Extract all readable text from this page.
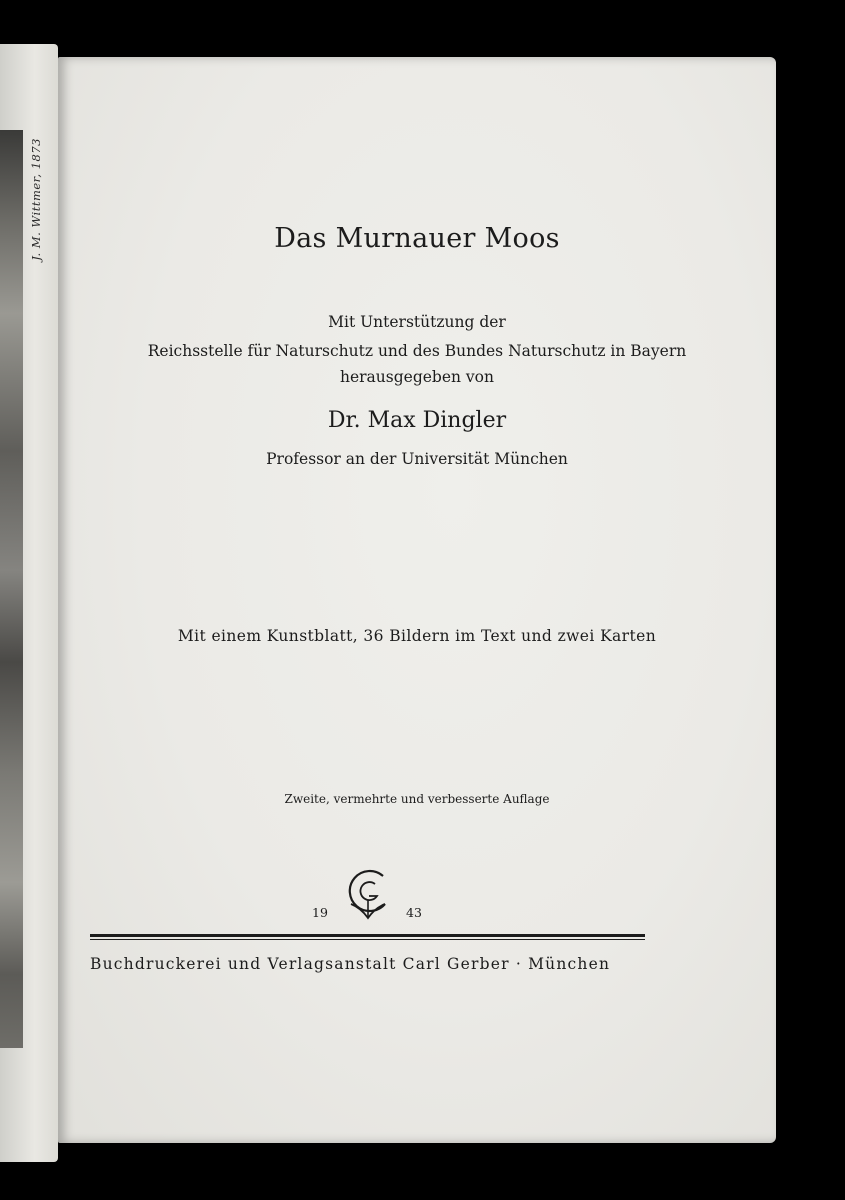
J. M. Wittmer, 1873	Das Murnauer Moos
Mit Unterstützung der
Reichsstelle für Naturschutz und des Bundes Naturschutz in Bayern
herausgegeben von
Dr. Max Dingler
Professor an der Universität München
Mit einem Kunstblatt, 36 Bildern im Text und zwei Karten
Zweite, vermehrte und verbesserte Auflage
19	43
Buchdruckerei und Verlagsanstalt Carl Gerber · München
